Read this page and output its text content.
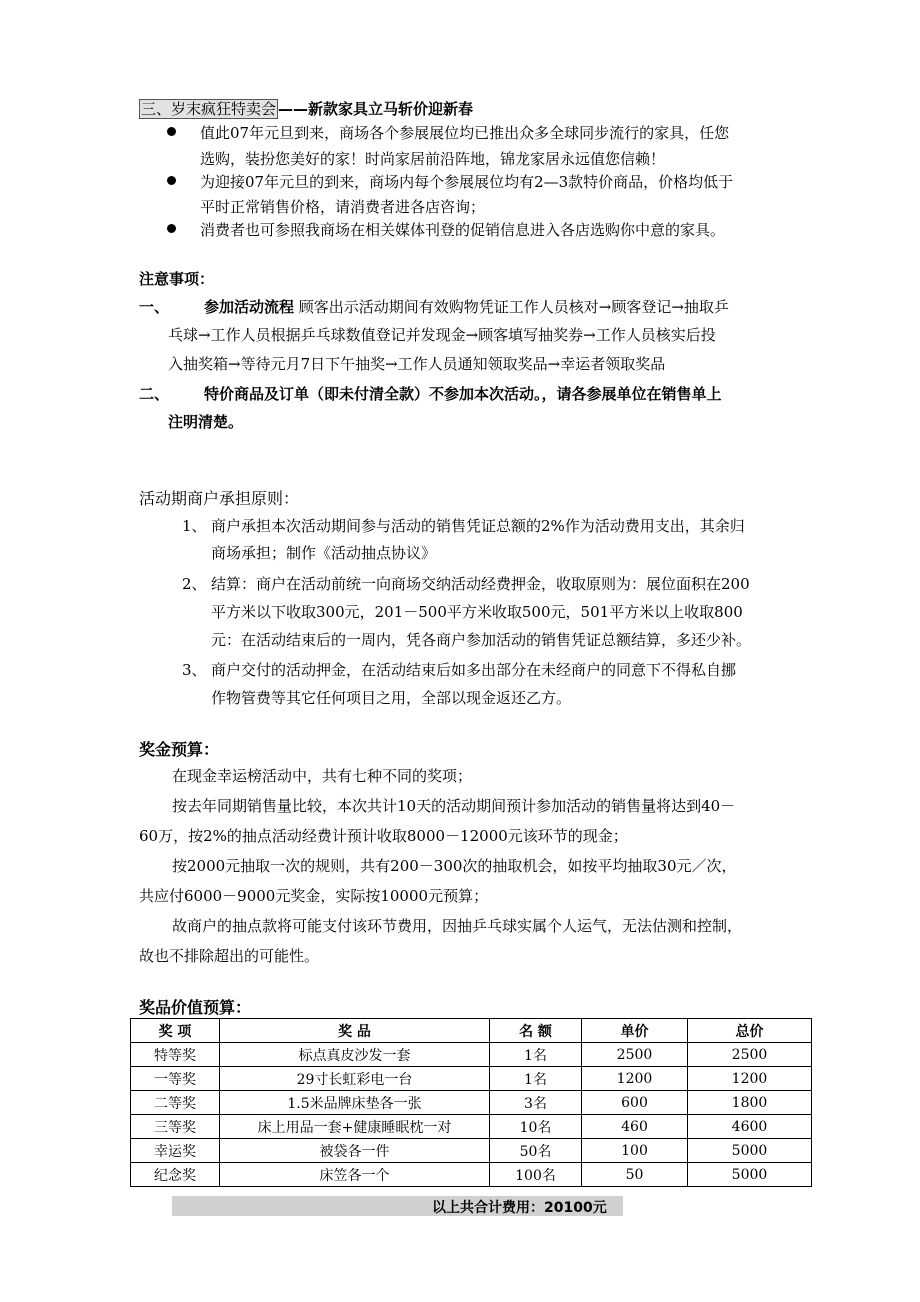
三、岁末疯狂特卖会 ——新款家具立马斩价迎新春
值此07年元旦到来，商场各个参展展位均已推出众多全球同步流行的家具，任您
选购，装扮您美好的家！时尚家居前沿阵地，锦龙家居永远值您信赖！
为迎接07年元旦的到来，商场内每个参展展位均有2—3款特价商品，价格均低于
平时正常销售价格，请消费者进各店咨询；
消费者也可参照我商场在相关媒体刊登的促销信息进入各店选购你中意的家具。
注意事项：
一、 参加活动流程 顾客出示活动期间有效购物凭证工作人员核对→顾客登记→抽取乒
乓球→工作人员根据乒乓球数值登记并发现金→顾客填写抽奖券→工作人员核实后投
入抽奖箱→等待元月7日下午抽奖→工作人员通知领取奖品→幸运者领取奖品
二、 特价商品及订单（即未付清全款）不参加本次活动。，请各参展单位在销售单上
注明清楚。
活动期商户承担原则：
1、 商户承担本次活动期间参与活动的销售凭证总额的2%作为活动费用支出，其余归
商场承担；制作《活动抽点协议》
2、 结算：商户在活动前统一向商场交纳活动经费押金，收取原则为：展位面积在200
平方米以下收取300元，201－500平方米收取500元，501平方米以上收取800
元：在活动结束后的一周内，凭各商户参加活动的销售凭证总额结算，多还少补。
3、 商户交付的活动押金，在活动结束后如多出部分在未经商户的同意下不得私自挪
作物管费等其它任何项目之用，全部以现金返还乙方。
奖金预算：
在现金幸运榜活动中，共有七种不同的奖项；
按去年同期销售量比较，本次共计10天的活动期间预计参加活动的销售量将达到40－
60万，按2%的抽点活动经费计预计收取8000－12000元该环节的现金；
按2000元抽取一次的规则，共有200－300次的抽取机会，如按平均抽取30元／次，
共应付6000－9000元奖金，实际按10000元预算；
故商户的抽点款将可能支付该环节费用，因抽乒乓球实属个人运气，无法估测和控制，
故也不排除超出的可能性。
奖品价值预算：
奖 项	奖 品	名 额	单价	总价
特等奖	标点真皮沙发一套	1名	2500	2500
一等奖	29寸长虹彩电一台	1名	1200	1200
二等奖	1.5米品牌床垫各一张	3名	600	1800
三等奖	床上用品一套+健康睡眠枕一对	10名	460	4600
幸运奖	被袋各一件	50名	100	5000
纪念奖	床笠各一个	100名	50	5000
以上共合计费用：20100元
